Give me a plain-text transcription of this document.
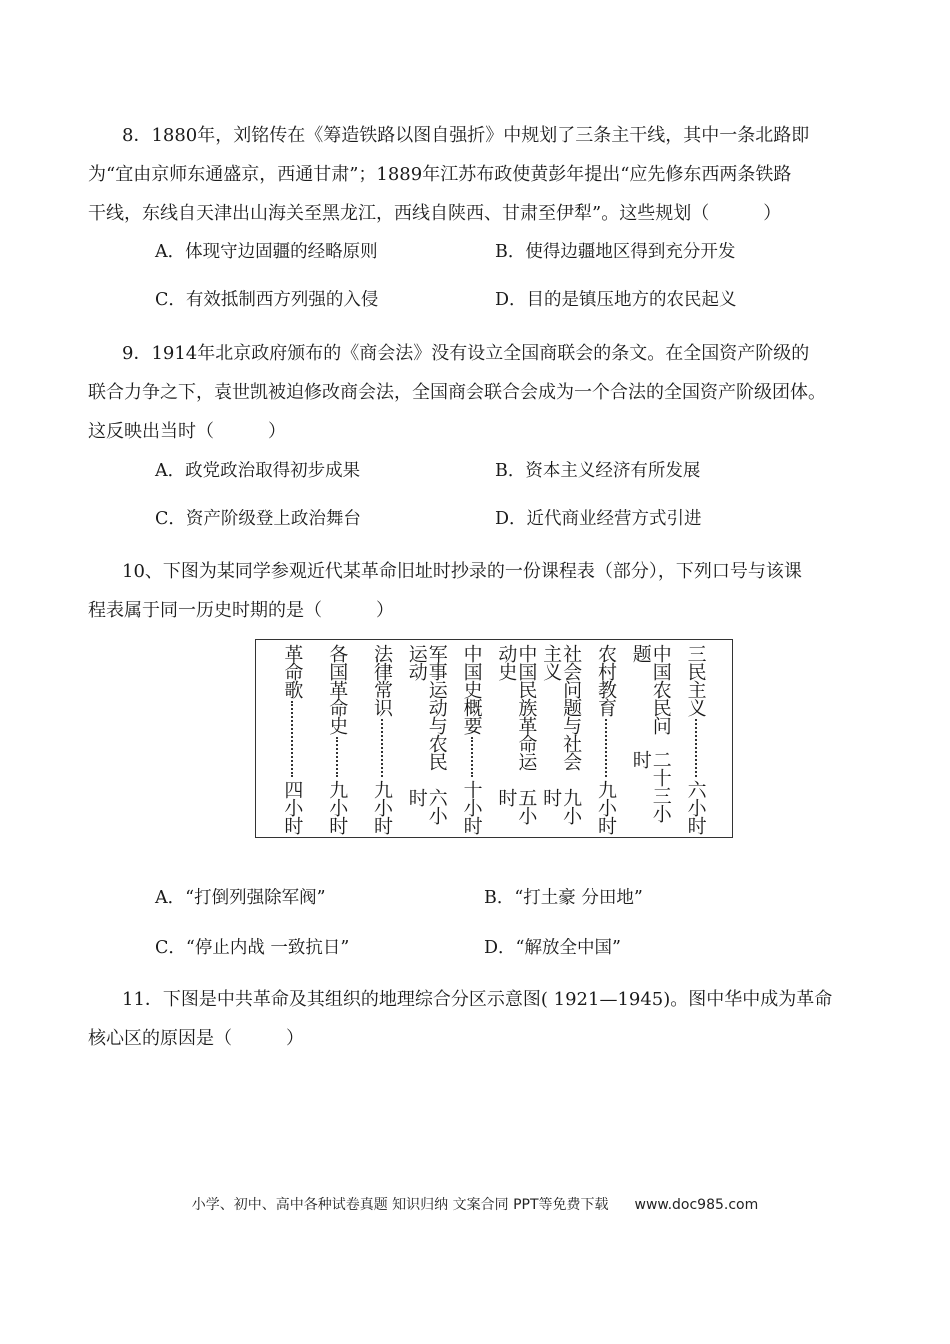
8．1880年，刘铭传在《筹造铁路以图自强折》中规划了三条主干线，其中一条北路即
为“宜由京师东通盛京，西通甘肃”；1889年江苏布政使黄彭年提出“应先修东西两条铁路
干线，东线自天津出山海关至黑龙江，西线自陕西、甘肃至伊犁”。这些规划（　　　）
A．体现守边固疆的经略原则	B．使得边疆地区得到充分开发
C．有效抵制西方列强的入侵	D．目的是镇压地方的农民起义
9．1914年北京政府颁布的《商会法》没有设立全国商联会的条文。在全国资产阶级的
联合力争之下，袁世凯被迫修改商会法，全国商会联合会成为一个合法的全国资产阶级团体。
这反映出当时（　　　）
A．政党政治取得初步成果	B．资本主义经济有所发展
C．资产阶级登上政治舞台	D．近代商业经营方式引进
10、下图为某同学参观近代某革命旧址时抄录的一份课程表（部分），下列口号与该课
程表属于同一历史时期的是（　　　）
三民主义
六小时
中国农民问题
二十三小时
农村教育
九小时
社会问题与社会主义
九小时
中国民族革命运动史
五小时
中国史概要
十小时
军事运动与农民运动
六小时
法律常识
九小时
各国革命史
九小时
革命歌
四小时
A．“打倒列强除军阀”	B．“打土豪 分田地”
C．“停止内战 一致抗日”	D．“解放全中国”
11．下图是中共革命及其组织的地理综合分区示意图( 1921—1945)。图中华中成为革命
核心区的原因是（　　　）
小学、初中、高中各种试卷真题 知识归纳 文案合同 PPT等免费下载 www.doc985.com
